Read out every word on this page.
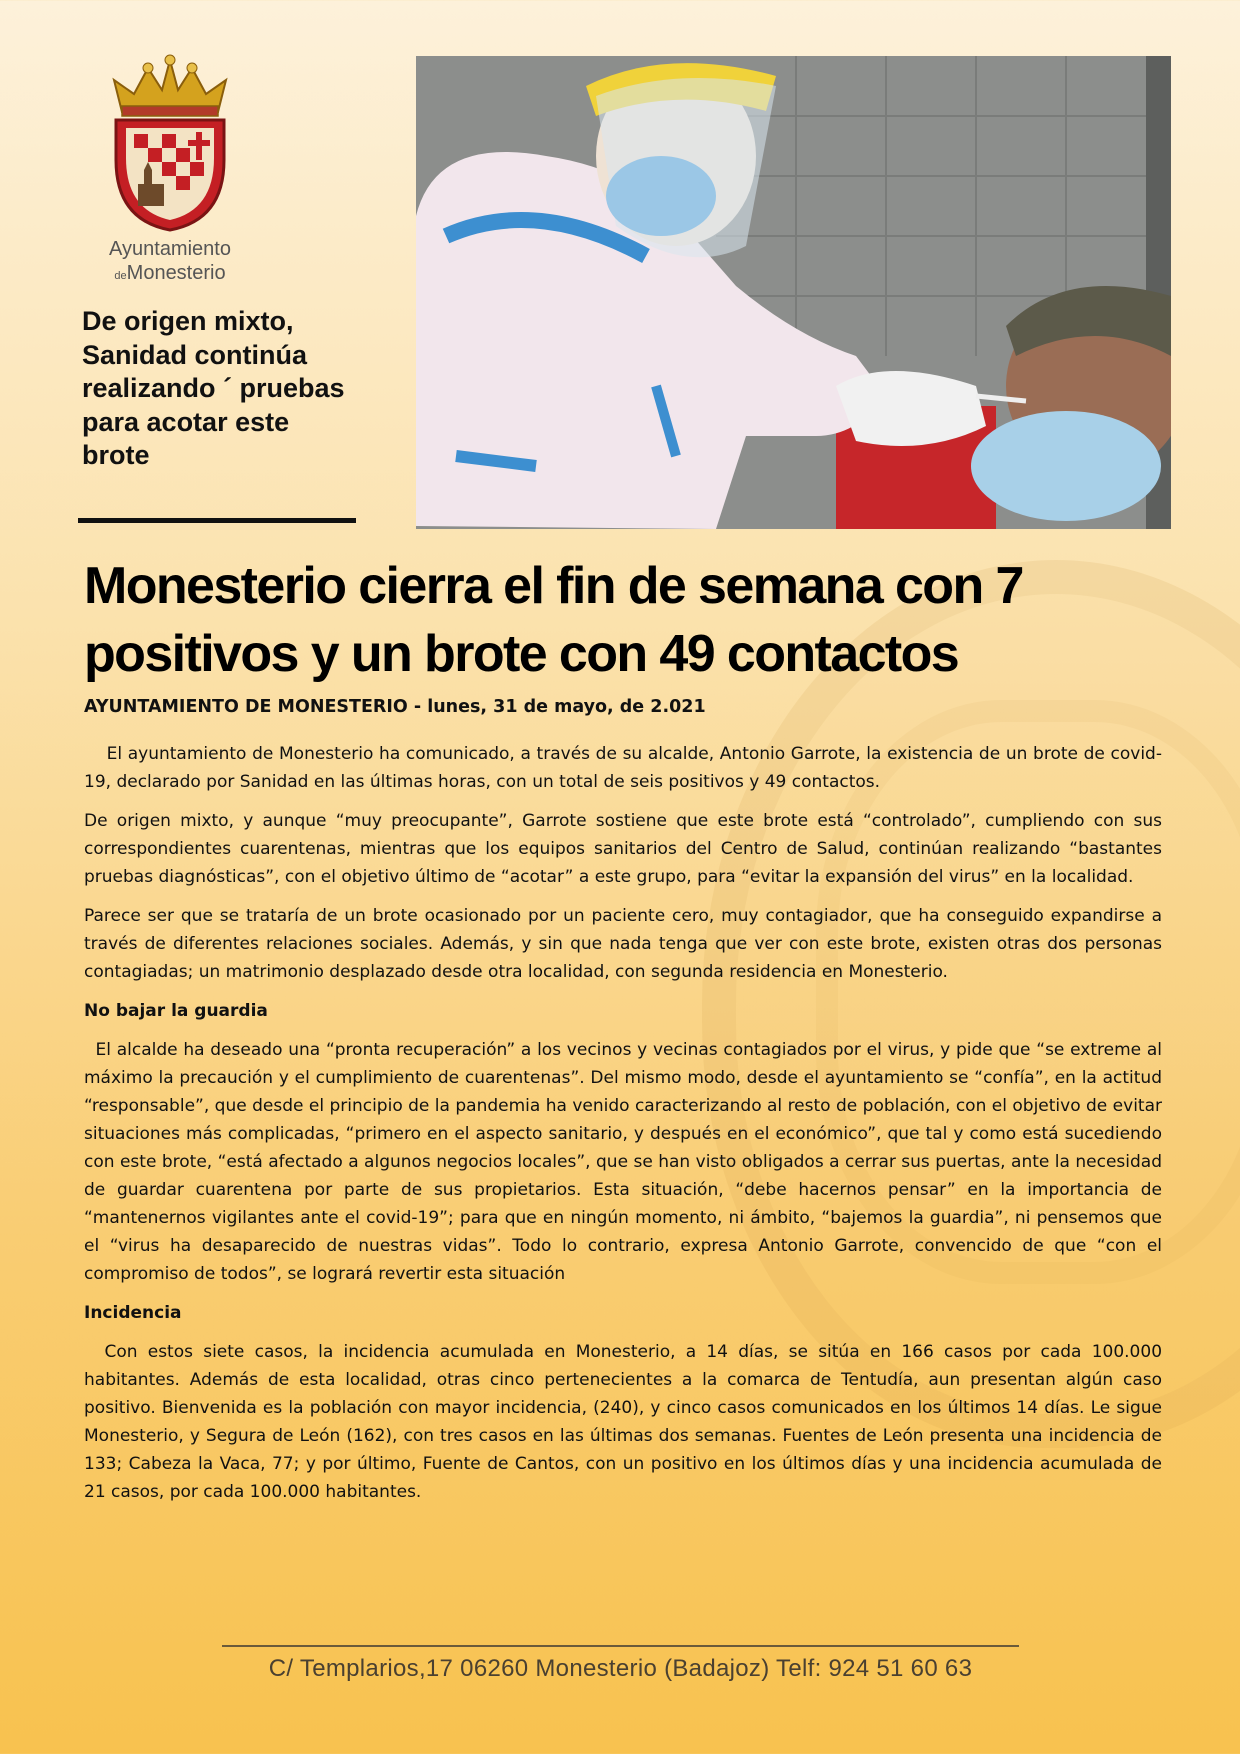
Ayuntamiento
deMonesterio
De origen mixto, Sanidad continúa realizando ´ pruebas para acotar este brote
Monesterio cierra el fin de semana con 7 positivos y un brote con 49 contactos
AYUNTAMIENTO DE MONESTERIO - lunes, 31 de mayo, de 2.021

El ayuntamiento de Monesterio ha comunicado, a través de su alcalde, Antonio Garrote, la existencia de un brote de covid-19, declarado por Sanidad en las últimas horas, con un total de seis positivos y 49 contactos.

De origen mixto, y aunque “muy preocupante”, Garrote sostiene que este brote está “controlado”, cumpliendo con sus correspondientes cuarentenas, mientras que los equipos sanitarios del Centro de Salud, continúan realizando “bastantes pruebas diagnósticas”, con el objetivo último de “acotar” a este grupo, para “evitar la expansión del virus” en la localidad.

Parece ser que se trataría de un brote ocasionado por un paciente cero, muy contagiador, que ha conseguido expandirse a través de diferentes relaciones sociales. Además, y sin que nada tenga que ver con este brote, existen otras dos personas contagiadas; un matrimonio desplazado desde otra localidad, con segunda residencia en Monesterio.

No bajar la guardia

El alcalde ha deseado una “pronta recuperación” a los vecinos y vecinas contagiados por el virus, y pide que “se extreme al máximo la precaución y el cumplimiento de cuarentenas”. Del mismo modo, desde el ayuntamiento se “confía”, en la actitud “responsable”, que desde el principio de la pandemia ha venido caracterizando al resto de población, con el objetivo de evitar situaciones más complicadas, “primero en el aspecto sanitario, y después en el económico”, que tal y como está sucediendo con este brote, “está afectado a algunos negocios locales”, que se han visto obligados a cerrar sus puertas, ante la necesidad de guardar cuarentena por parte de sus propietarios. Esta situación, “debe hacernos pensar” en la importancia de “mantenernos vigilantes ante el covid-19”; para que en ningún momento, ni ámbito, “bajemos la guardia”, ni pensemos que el “virus ha desaparecido de nuestras vidas”. Todo lo contrario, expresa Antonio Garrote, convencido de que “con el compromiso de todos”, se logrará revertir esta situación

Incidencia

Con estos siete casos, la incidencia acumulada en Monesterio, a 14 días, se sitúa en 166 casos por cada 100.000 habitantes. Además de esta localidad, otras cinco pertenecientes a la comarca de Tentudía, aun presentan algún caso positivo. Bienvenida es la población con mayor incidencia, (240), y cinco casos comunicados en los últimos 14 días. Le sigue Monesterio, y Segura de León (162), con tres casos en las últimas dos semanas. Fuentes de León presenta una incidencia de 133; Cabeza la Vaca, 77; y por último, Fuente de Cantos, con un positivo en los últimos días y una incidencia acumulada de 21 casos, por cada 100.000 habitantes.

C/ Templarios,17 06260 Monesterio (Badajoz) Telf: 924 51 60 63
